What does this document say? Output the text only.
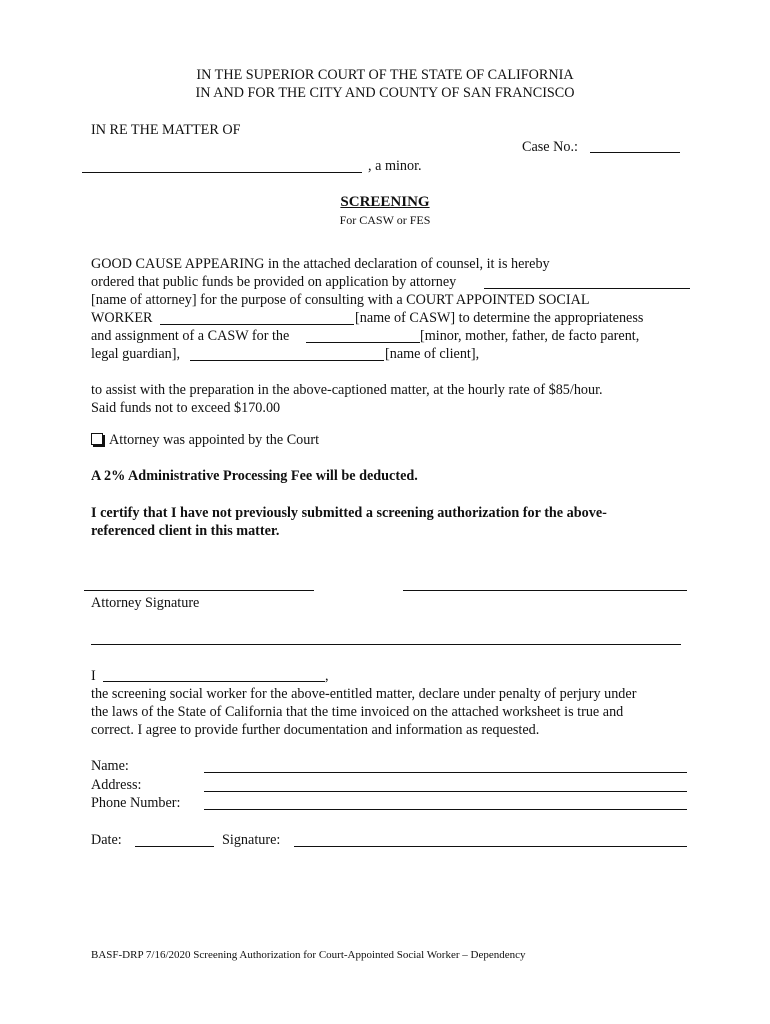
IN THE SUPERIOR COURT OF THE STATE OF CALIFORNIA
IN AND FOR THE CITY AND COUNTY OF SAN FRANCISCO
IN RE THE MATTER OF
Case No.:
, a minor.
SCREENING
For CASW or FES
GOOD CAUSE APPEARING in the attached declaration of counsel, it is hereby
ordered that public funds be provided on application by attorney
[name of attorney] for the purpose of consulting with a COURT APPOINTED SOCIAL
WORKER	[name of CASW] to determine the appropriateness
and assignment of a CASW for the	[minor, mother, father, de facto parent,
legal guardian],	[name of client],
to assist with the preparation in the above-captioned matter, at the hourly rate of $85/hour.
Said funds not to exceed $170.00
Attorney was appointed by the Court
A 2% Administrative Processing Fee will be deducted.
I certify that I have not previously submitted a screening authorization for the above-
referenced client in this matter.
Attorney Signature
I	,
the screening social worker for the above-entitled matter, declare under penalty of perjury under
the laws of the State of California that the time invoiced on the attached worksheet is true and
correct. I agree to provide further documentation and information as requested.
Name:
Address:
Phone Number:
Date:	Signature:
BASF-DRP 7/16/2020 Screening Authorization for Court-Appointed Social Worker – Dependency
